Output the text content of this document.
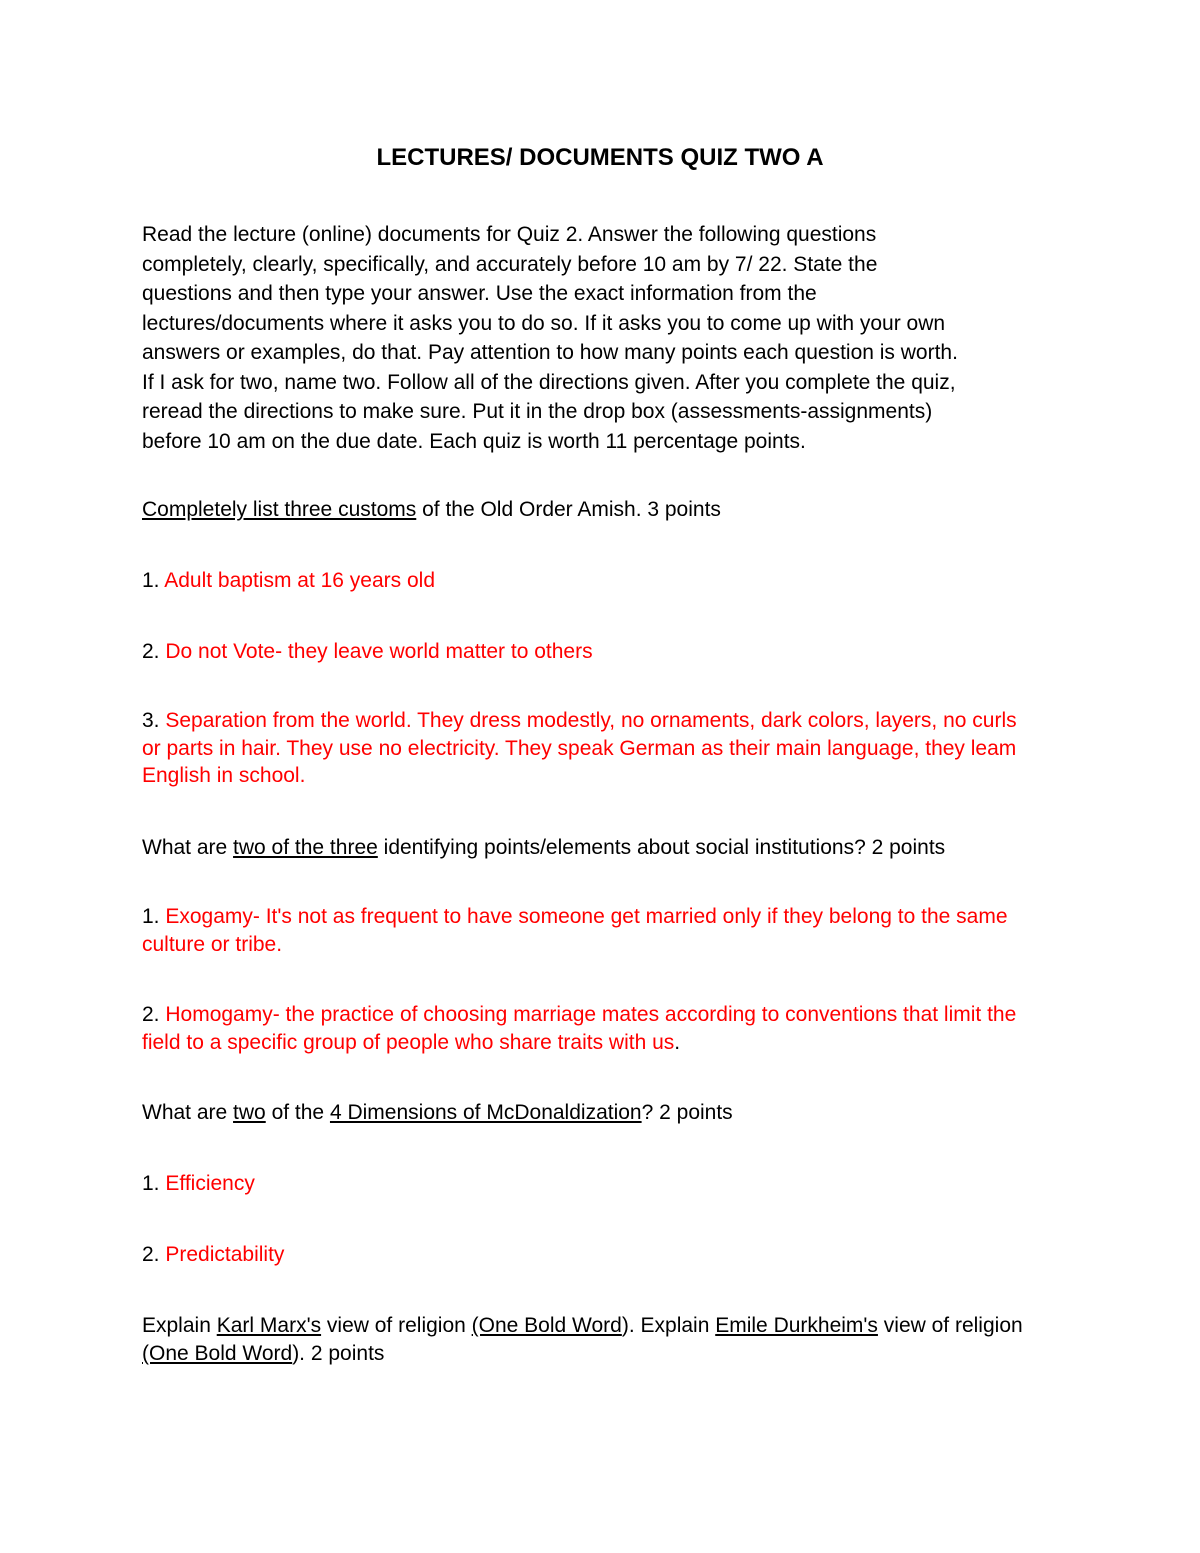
LECTURES/ DOCUMENTS QUIZ TWO A
Read the lecture (online) documents for Quiz 2. Answer the following questions
completely, clearly, specifically, and accurately before 10 am by 7/ 22. State the
questions and then type your answer. Use the exact information from the
lectures/documents where it asks you to do so. If it asks you to come up with your own
answers or examples, do that. Pay attention to how many points each question is worth.
If I ask for two, name two. Follow all of the directions given. After you complete the quiz,
reread the directions to make sure. Put it in the drop box (assessments-assignments)
before 10 am on the due date. Each quiz is worth 11 percentage points.
Completely list three customs of the Old Order Amish. 3 points
1. Adult baptism at 16 years old
2. Do not Vote- they leave world matter to others
3. Separation from the world. They dress modestly, no ornaments, dark colors, layers, no curls
or parts in hair. They use no electricity. They speak German as their main language, they leam
English in school.
What are two of the three identifying points/elements about social institutions? 2 points
1. Exogamy- It's not as frequent to have someone get married only if they belong to the same
culture or tribe.
2. Homogamy- the practice of choosing marriage mates according to conventions that limit the
field to a specific group of people who share traits with us.
What are two of the 4 Dimensions of McDonaldization? 2 points
1. Efficiency
2. Predictability
Explain Karl Marx's view of religion (One Bold Word). Explain Emile Durkheim's view of religion
(One Bold Word). 2 points
